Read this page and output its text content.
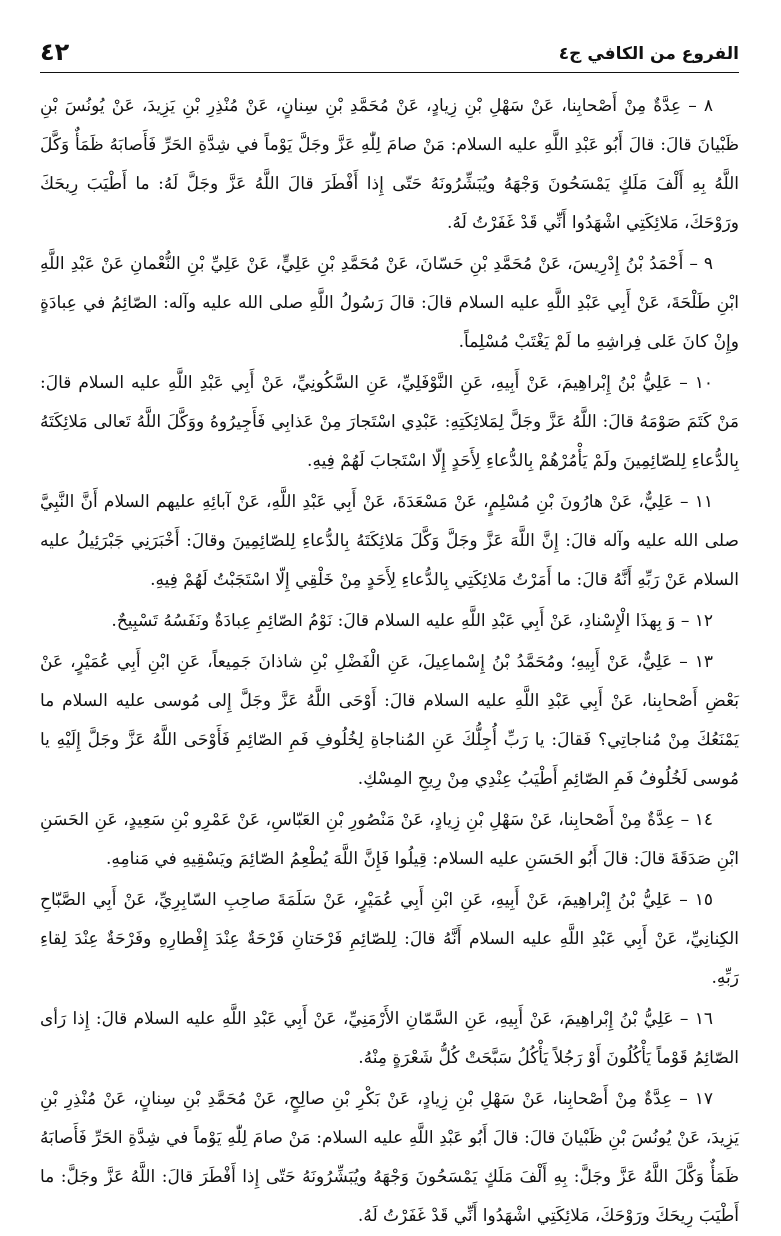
الفروع من الكافي ج٤
٤٢

٨ – عِدَّةٌ مِنْ أَصْحابِنا، عَنْ سَهْلِ بْنِ زِيادٍ، عَنْ مُحَمَّدِ بْنِ سِنانٍ، عَنْ مُنْذِرِ بْنِ يَزِيدَ، عَنْ يُونُسَ بْنِ ظَبْيانَ قالَ: قالَ أَبُو عَبْدِ اللَّهِ عليه السلام: مَنْ صامَ لِلّٰهِ عَزَّ وجَلَّ يَوْماً في شِدَّةِ الحَرِّ فَأَصابَهُ ظَمَأٌ وَكَّلَ اللَّهُ بِهِ أَلْفَ مَلَكٍ يَمْسَحُونَ وَجْهَهُ ويُبَشِّرُونَهُ حَتّى إِذا أَفْطَرَ قالَ اللَّهُ عَزَّ وجَلَّ لَهُ: ما أَطْيَبَ رِيحَكَ ورَوْحَكَ، مَلائِكَتِي اشْهَدُوا أَنِّي قَدْ غَفَرْتُ لَهُ.

٩ – أَحْمَدُ بْنُ إِدْرِيسَ، عَنْ مُحَمَّدِ بْنِ حَسّانَ، عَنْ مُحَمَّدِ بْنِ عَلِيٍّ، عَنْ عَلِيِّ بْنِ النُّعْمانِ عَنْ عَبْدِ اللَّهِ ابْنِ طَلْحَةَ، عَنْ أَبِي عَبْدِ اللَّهِ عليه السلام قالَ: قالَ رَسُولُ اللَّهِ صلى الله عليه وآله: الصّائِمُ في عِبادَةٍ وإِنْ كانَ عَلى فِراشِهِ ما لَمْ يَغْتَبْ مُسْلِماً.

١٠ – عَلِيُّ بْنُ إِبْراهِيمَ، عَنْ أَبِيهِ، عَنِ النَّوْفَلِيِّ، عَنِ السَّكُونِيِّ، عَنْ أَبِي عَبْدِ اللَّهِ عليه السلام قالَ: مَنْ كَتَمَ صَوْمَهُ قالَ: اللَّهُ عَزَّ وجَلَّ لِمَلائِكَتِهِ: عَبْدِي اسْتَجارَ مِنْ عَذابِي فَأَجِيرُوهُ ووَكَّلَ اللَّهُ تَعالى مَلائِكَتَهُ بِالدُّعاءِ لِلصّائِمِينَ ولَمْ يَأْمُرْهُمْ بِالدُّعاءِ لِأَحَدٍ إِلّا اسْتَجابَ لَهُمْ فِيهِ.

١١ – عَلِيٌّ، عَنْ هارُونَ بْنِ مُسْلِمٍ، عَنْ مَسْعَدَةَ، عَنْ أَبِي عَبْدِ اللَّهِ، عَنْ آبائِهِ عليهم السلام أَنَّ النَّبِيَّ صلى الله عليه وآله قالَ: إِنَّ اللَّهَ عَزَّ وجَلَّ وَكَّلَ مَلائِكَتَهُ بِالدُّعاءِ لِلصّائِمِينَ وقالَ: أَخْبَرَنِي جَبْرَئِيلُ عليه السلام عَنْ رَبِّهِ أَنَّهُ قالَ: ما أَمَرْتُ مَلائِكَتِي بِالدُّعاءِ لِأَحَدٍ مِنْ خَلْقِي إِلّا اسْتَجَبْتُ لَهُمْ فِيهِ.

١٢ – وَ بِهذَا الْإِسْنادِ، عَنْ أَبِي عَبْدِ اللَّهِ عليه السلام قالَ: نَوْمُ الصّائِمِ عِبادَةٌ ونَفَسُهُ تَسْبِيحٌ.

١٣ – عَلِيٌّ، عَنْ أَبِيهِ؛ ومُحَمَّدُ بْنُ إِسْماعِيلَ، عَنِ الْفَضْلِ بْنِ شاذانَ جَمِيعاً، عَنِ ابْنِ أَبِي عُمَيْرٍ، عَنْ بَعْضِ أَصْحابِنا، عَنْ أَبِي عَبْدِ اللَّهِ عليه السلام قالَ: أَوْحَى اللَّهُ عَزَّ وجَلَّ إِلى مُوسى عليه السلام ما يَمْنَعُكَ مِنْ مُناجاتِي؟ فَقالَ: يا رَبِّ أُجِلُّكَ عَنِ المُناجاةِ لِخُلُوفِ فَمِ الصّائِمِ فَأَوْحَى اللَّهُ عَزَّ وجَلَّ إِلَيْهِ يا مُوسى لَخُلُوفُ فَمِ الصّائِمِ أَطْيَبُ عِنْدِي مِنْ رِيحِ المِسْكِ.

١٤ – عِدَّةٌ مِنْ أَصْحابِنا، عَنْ سَهْلِ بْنِ زِيادٍ، عَنْ مَنْصُورِ بْنِ العَبّاسِ، عَنْ عَمْرِو بْنِ سَعِيدٍ، عَنِ الحَسَنِ ابْنِ صَدَقَةَ قالَ: قالَ أَبُو الحَسَنِ عليه السلام: قِيلُوا فَإِنَّ اللَّهَ يُطْعِمُ الصّائِمَ ويَسْقِيهِ في مَنامِهِ.

١٥ – عَلِيُّ بْنُ إِبْراهِيمَ، عَنْ أَبِيهِ، عَنِ ابْنِ أَبِي عُمَيْرٍ، عَنْ سَلَمَةَ صاحِبِ السّابِرِيِّ، عَنْ أَبِي الصَّبّاحِ الكِنانِيِّ، عَنْ أَبِي عَبْدِ اللَّهِ عليه السلام أَنَّهُ قالَ: لِلصّائِمِ فَرْحَتانِ فَرْحَةٌ عِنْدَ إِفْطارِهِ وفَرْحَةٌ عِنْدَ لِقاءِ رَبِّهِ.

١٦ – عَلِيُّ بْنُ إِبْراهِيمَ، عَنْ أَبِيهِ، عَنِ السَّمّانِ الأَرْمَنِيِّ، عَنْ أَبِي عَبْدِ اللَّهِ عليه السلام قالَ: إِذا رَأى الصّائِمُ قَوْماً يَأْكُلُونَ أَوْ رَجُلاً يَأْكُلُ سَبَّحَتْ كُلُّ شَعْرَةٍ مِنْهُ.

١٧ – عِدَّةٌ مِنْ أَصْحابِنا، عَنْ سَهْلِ بْنِ زِيادٍ، عَنْ بَكْرِ بْنِ صالِحٍ، عَنْ مُحَمَّدِ بْنِ سِنانٍ، عَنْ مُنْذِرِ بْنِ يَزِيدَ، عَنْ يُونُسَ بْنِ ظَبْيانَ قالَ: قالَ أَبُو عَبْدِ اللَّهِ عليه السلام: مَنْ صامَ لِلّٰهِ يَوْماً في شِدَّةِ الحَرِّ فَأَصابَهُ ظَمَأٌ وَكَّلَ اللَّهُ عَزَّ وجَلَّ: بِهِ أَلْفَ مَلَكٍ يَمْسَحُونَ وَجْهَهُ ويُبَشِّرُونَهُ حَتّى إِذا أَفْطَرَ قالَ: اللَّهُ عَزَّ وجَلَّ: ما أَطْيَبَ رِيحَكَ ورَوْحَكَ، مَلائِكَتِي اشْهَدُوا أَنِّي قَدْ غَفَرْتُ لَهُ.
